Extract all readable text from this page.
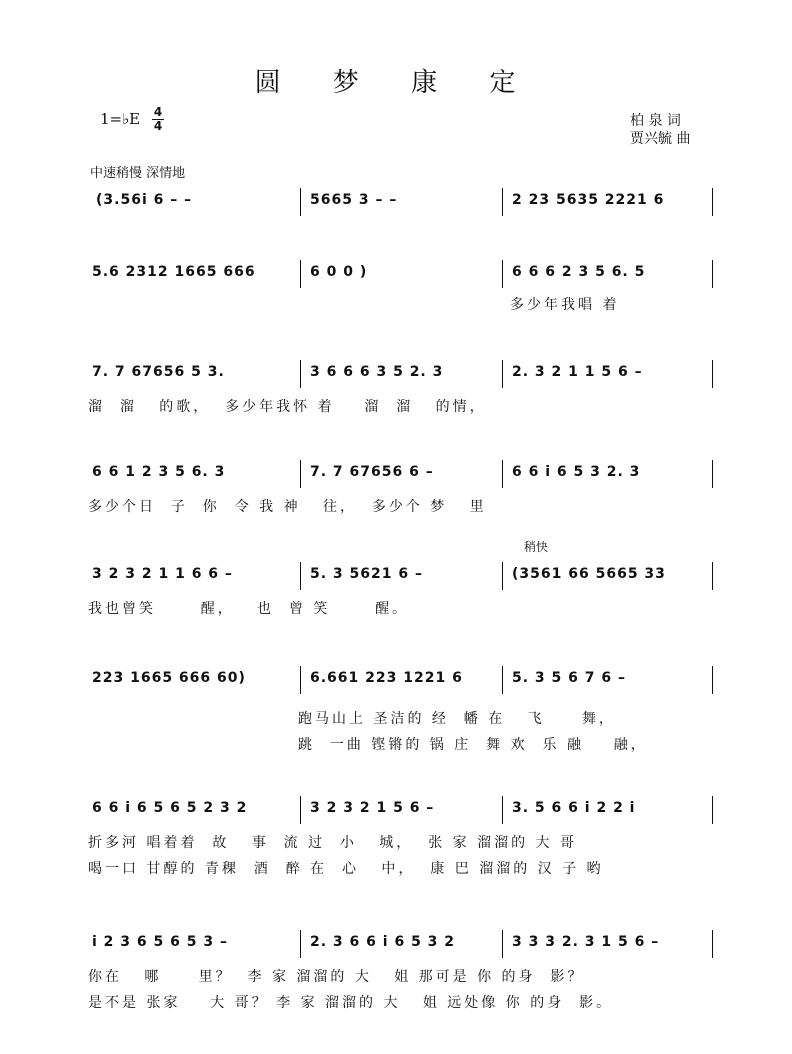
圆 梦 康 定
1=♭E 4
4	柏 泉 词
贾兴毓 曲
中速稍慢 深情地
(3.56i 6 – –	5665 3 – –	2 23 5635 2221 6
5.6 2312 1665 666	6 0 0 )	6 6 6 2 3 5 6. 5
多少年我唱 着
7. 7 67656 5 3.	3 6 6 6 3 5 2. 3	2. 3 2 1 1 5 6 –
溜  溜   的歌，  多少年我怀 着    溜  溜   的情，
6 6 1 2 3 5 6. 3	7. 7 67656 6 –	6 6 i 6 5 3 2. 3
多少个日  子  你  令 我 神   往，  多少个 梦   里
稍快
3 2 3 2 1 1 6 6 –	5. 3 5621 6 –	(3561 66 5665 33
我也曾笑      醒，   也  曾 笑      醒。
223 1665 666 60)	6.661 223 1221 6	5. 3 5 6 7 6 –
跑马山上 圣洁的 经  幡 在   飞     舞，
跳  一曲 铿锵的 锅 庄  舞 欢  乐 融    融，
6 6 i 6 5 6 5 2 3 2	3 2 3 2 1 5 6 –	3. 5 6 6 i 2 2 i
折多河 唱着着  故   事  流 过  小   城，  张 家 溜溜的 大 哥
喝一口 甘醇的 青稞  酒  醉 在  心   中，  康 巴 溜溜的 汉 子 哟
i 2 3 6 5 6 5 3 –	2. 3 6 6 i 6 5 3 2	3 3 3 2. 3 1 5 6 –
你在   哪     里？  李 家 溜溜的 大   姐 那可是 你 的身  影？
是不是 张家    大 哥？ 李 家 溜溜的 大   姐 远处像 你 的身  影。
